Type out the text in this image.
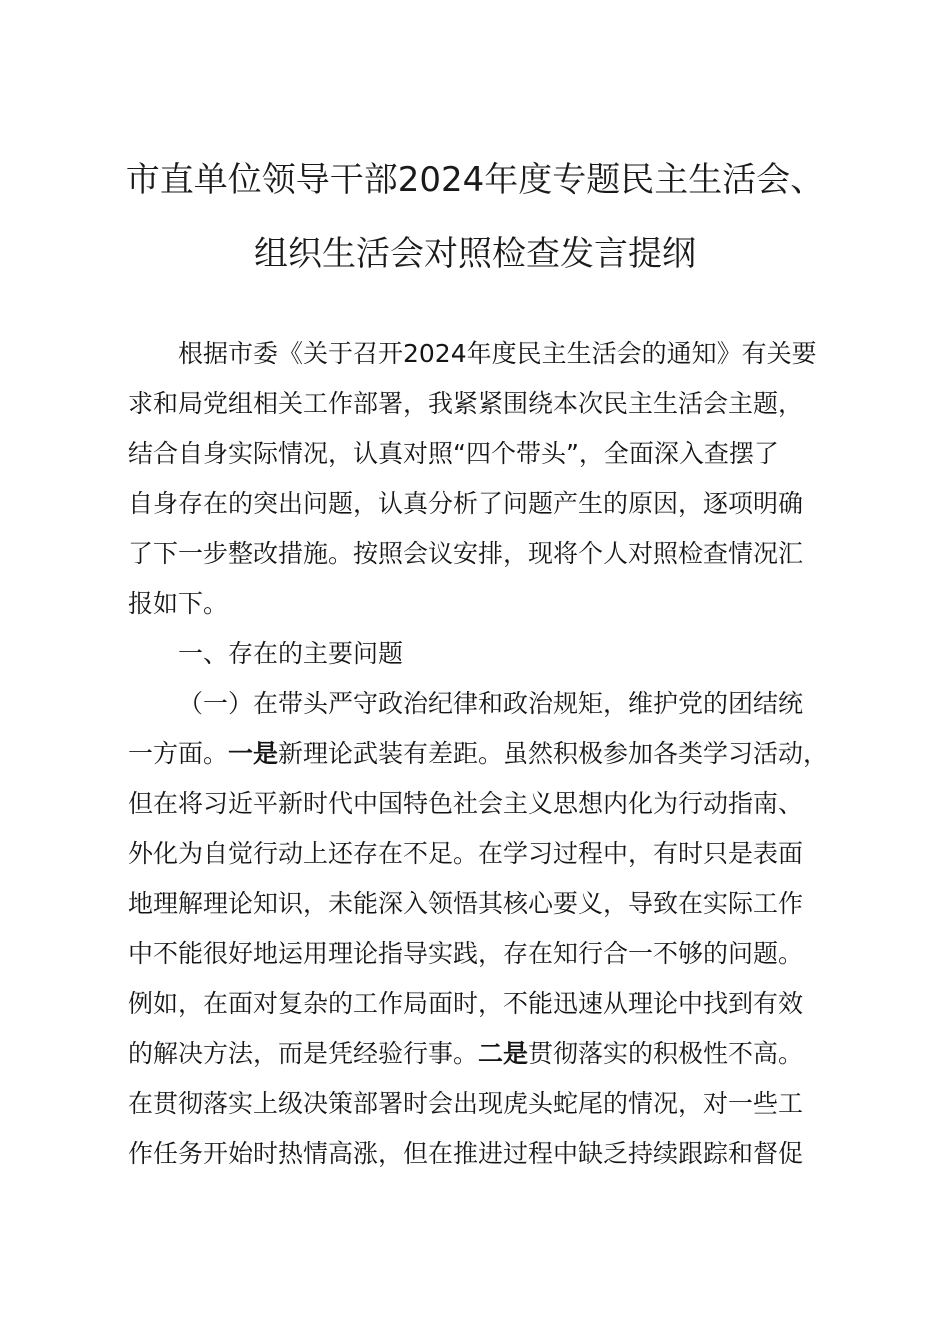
市直单位领导干部2024年度专题民主生活会、
组织生活会对照检查发言提纲

根据市委《关于召开2024年度民主生活会的通知》有关要

求和局党组相关工作部署，我紧紧围绕本次民主生活会主题，

结合自身实际情况，认真对照“四个带头”，全面深入查摆了

自身存在的突出问题，认真分析了问题产生的原因，逐项明确

了下一步整改措施。按照会议安排，现将个人对照检查情况汇

报如下。

一、存在的主要问题

（一）在带头严守政治纪律和政治规矩，维护党的团结统

一方面。一是新理论武装有差距。虽然积极参加各类学习活动，

但在将习近平新时代中国特色社会主义思想内化为行动指南、

外化为自觉行动上还存在不足。在学习过程中，有时只是表面

地理解理论知识，未能深入领悟其核心要义，导致在实际工作

中不能很好地运用理论指导实践，存在知行合一不够的问题。

例如，在面对复杂的工作局面时，不能迅速从理论中找到有效

的解决方法，而是凭经验行事。二是贯彻落实的积极性不高。

在贯彻落实上级决策部署时会出现虎头蛇尾的情况，对一些工

作任务开始时热情高涨，但在推进过程中缺乏持续跟踪和督促
